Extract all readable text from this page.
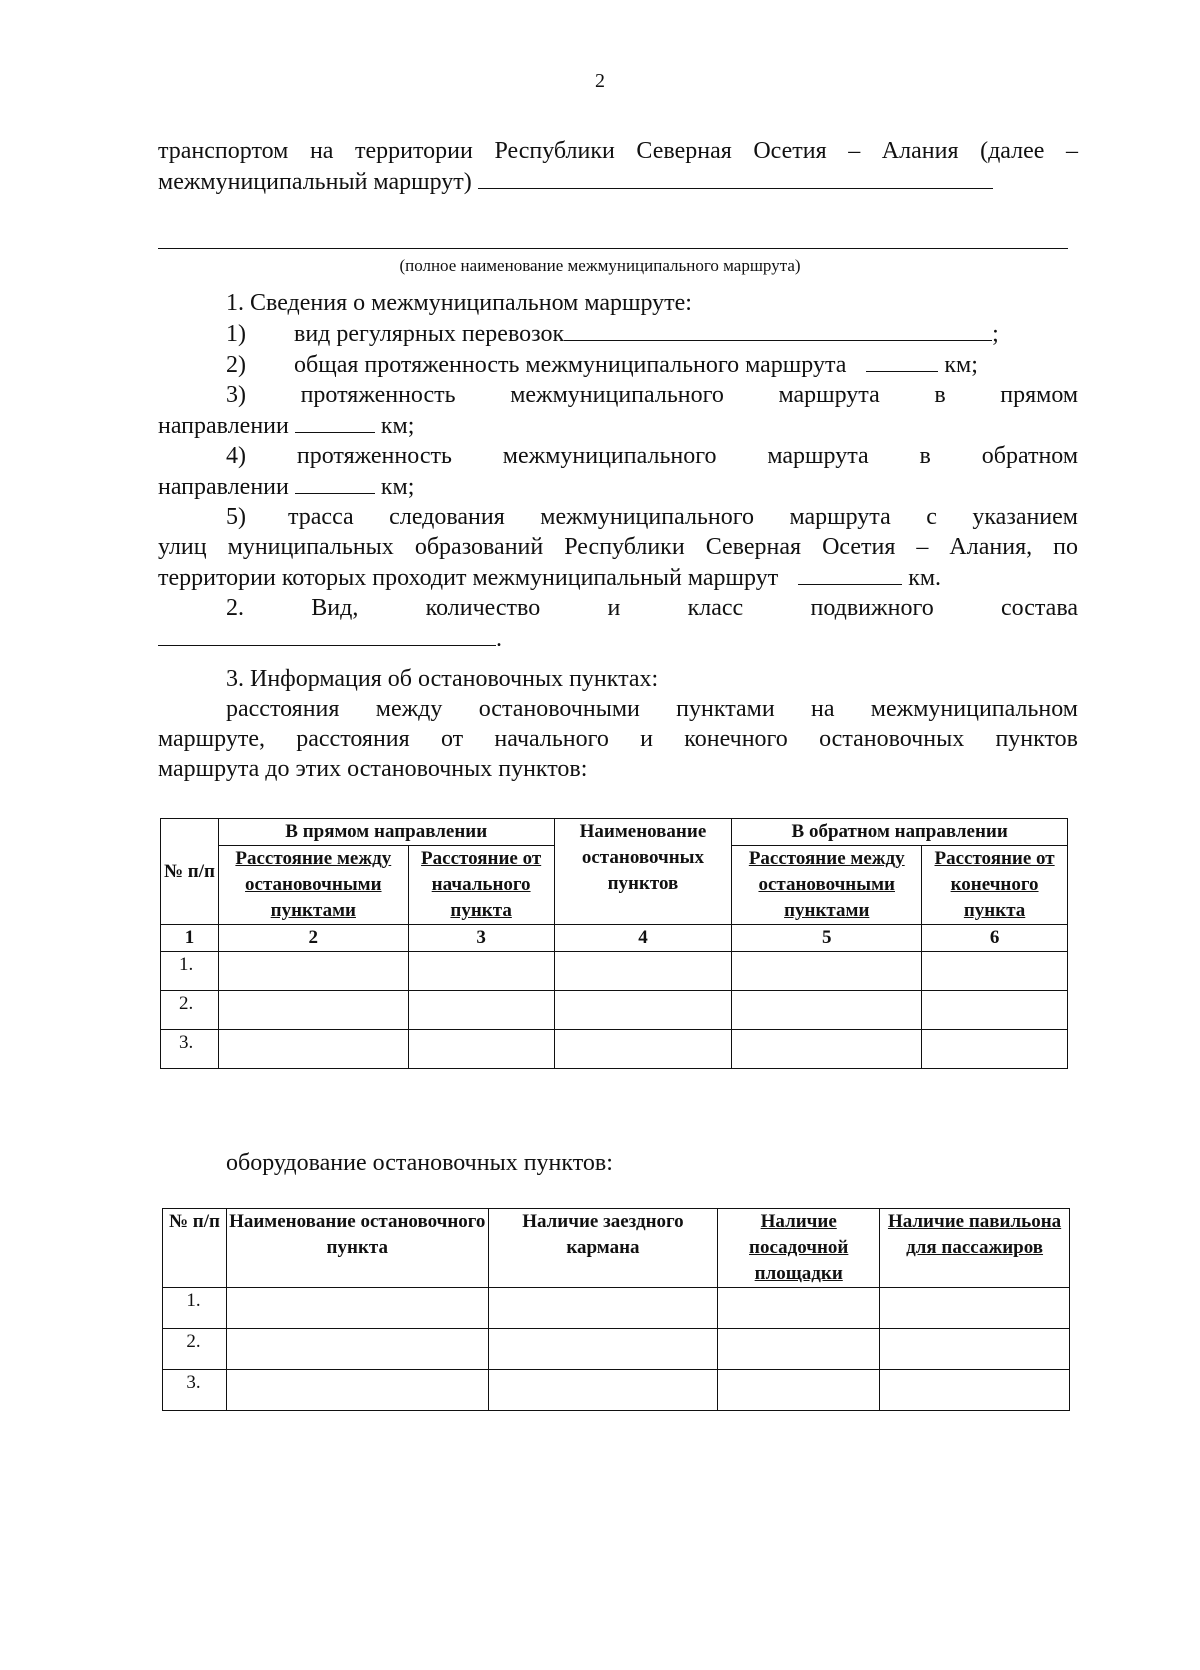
2
транспортом на территории Республики Северная Осетия – Алания (далее –
межмуниципальный маршрут)
(полное наименование межмуниципального маршрута)
1. Сведения о межмуниципальном маршруте:
1) вид регулярных перевозок	;
2) общая протяженность межмуниципального маршрута	км;
3) протяженность межмуниципального маршрута в прямом
направлении	км;
4) протяженность межмуниципального маршрута в обратном
направлении	км;
5) трасса следования межмуниципального маршрута с указанием
улиц муниципальных образований Республики Северная Осетия – Алания, по
территории которых проходит межмуниципальный маршрут	км.
2.	Вид,	количество	и	класс	подвижного	состава
.
3. Информация об остановочных пунктах:
расстояния между остановочными пунктами на межмуниципальном
маршруте, расстояния от начального и конечного остановочных пунктов
маршрута до этих остановочных пунктов:
№ п/п	В прямом направлении		Наименование остановочных пунктов	В обратном направлении	
	Расстояние между остановочными пунктами	Расстояние от начального пункта		Расстояние между остановочными пунктами	Расстояние от конечного пункта
1	2	3	4	5	6
1.					
2.					
3.					
оборудование остановочных пунктов:
№ п/п	Наименование остановочного пункта	Наличие заездного кармана	Наличие посадочной площадки	Наличие павильона для пассажиров
1.				
2.				
3.				
